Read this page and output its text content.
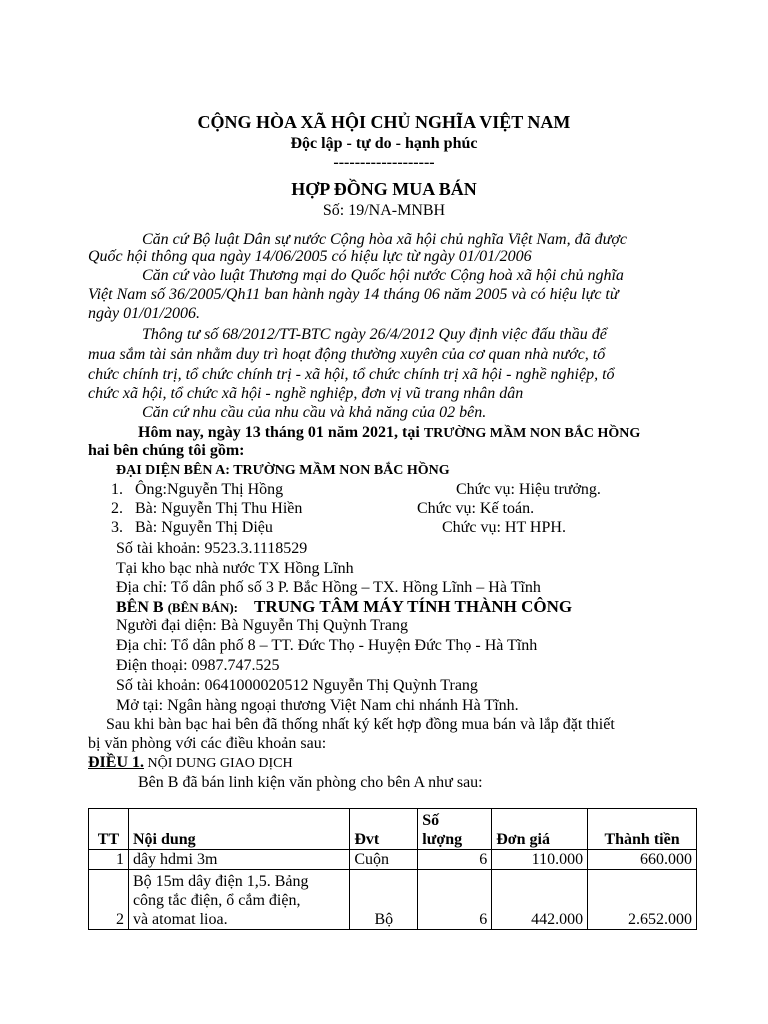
CỘNG HÒA XÃ HỘI CHỦ NGHĨA VIỆT NAM
Độc lập - tự do - hạnh phúc
-------------------
HỢP ĐỒNG MUA BÁN
Số: 19/NA-MNBH
Căn cứ Bộ luật Dân sự nước Cộng hòa xã hội chủ nghĩa Việt Nam, đã được
Quốc hội thông qua ngày 14/06/2005 có hiệu lực từ ngày 01/01/2006
Căn cứ vào luật Thương mại do Quốc hội nước Cộng hoà xã hội chủ nghĩa
Việt Nam số 36/2005/Qh11 ban hành ngày 14 tháng 06 năm 2005 và có hiệu lực từ
ngày 01/01/2006.
Thông tư số 68/2012/TT-BTC ngày 26/4/2012 Quy định việc đấu thầu để
mua sắm tài sản nhằm duy trì hoạt động thường xuyên của cơ quan nhà nước, tổ
chức chính trị, tổ chức chính trị - xã hội, tổ chức chính trị xã hội - nghề nghiệp, tổ
chức xã hội, tổ chức xã hội - nghề nghiệp, đơn vị vũ trang nhân dân
Căn cứ nhu cầu của nhu cầu và khả năng của 02 bên.
Hôm nay, ngày 13 tháng 01 năm 2021, tại TRƯỜNG MẦM NON BẮC HỒNG
hai bên chúng tôi gồm:
ĐẠI DIỆN BÊN A: TRƯỜNG MẦM NON BẮC HỒNG
1. Ông:Nguyễn Thị Hồng	Chức vụ: Hiệu trưởng.
2. Bà: Nguyễn Thị Thu Hiền	Chức vụ: Kế toán.
3. Bà: Nguyễn Thị Diệu	Chức vụ: HT HPH.
Số tài khoản: 9523.3.1118529
Tại kho bạc nhà nước TX Hồng Lĩnh
Địa chỉ: Tổ dân phố số 3 P. Bắc Hồng – TX. Hồng Lĩnh – Hà Tĩnh
BÊN B (BÊN BÁN): TRUNG TÂM MÁY TÍNH THÀNH CÔNG
Người đại diện: Bà Nguyễn Thị Quỳnh Trang
Địa chỉ: Tổ dân phố 8 – TT. Đức Thọ - Huyện Đức Thọ - Hà Tĩnh
Điện thoại: 0987.747.525
Số tài khoản: 0641000020512 Nguyễn Thị Quỳnh Trang
Mở tại: Ngân hàng ngoại thương Việt Nam chi nhánh Hà Tĩnh.
Sau khi bàn bạc hai bên đã thống nhất ký kết hợp đồng mua bán và lắp đặt thiết
bị văn phòng với các điều khoản sau:
ĐIỀU 1. NỘI DUNG GIAO DỊCH
Bên B đã bán linh kiện văn phòng cho bên A như sau:
TT	Nội dung	Đvt	Số
lượng	Đơn giá	Thành tiền
1	dây hdmi 3m	Cuộn	6	110.000	660.000
2	Bộ 15m dây điện 1,5. Bảng
công tắc điện, ổ cắm điện,
và atomat lioa.	Bộ	6	442.000	2.652.000
